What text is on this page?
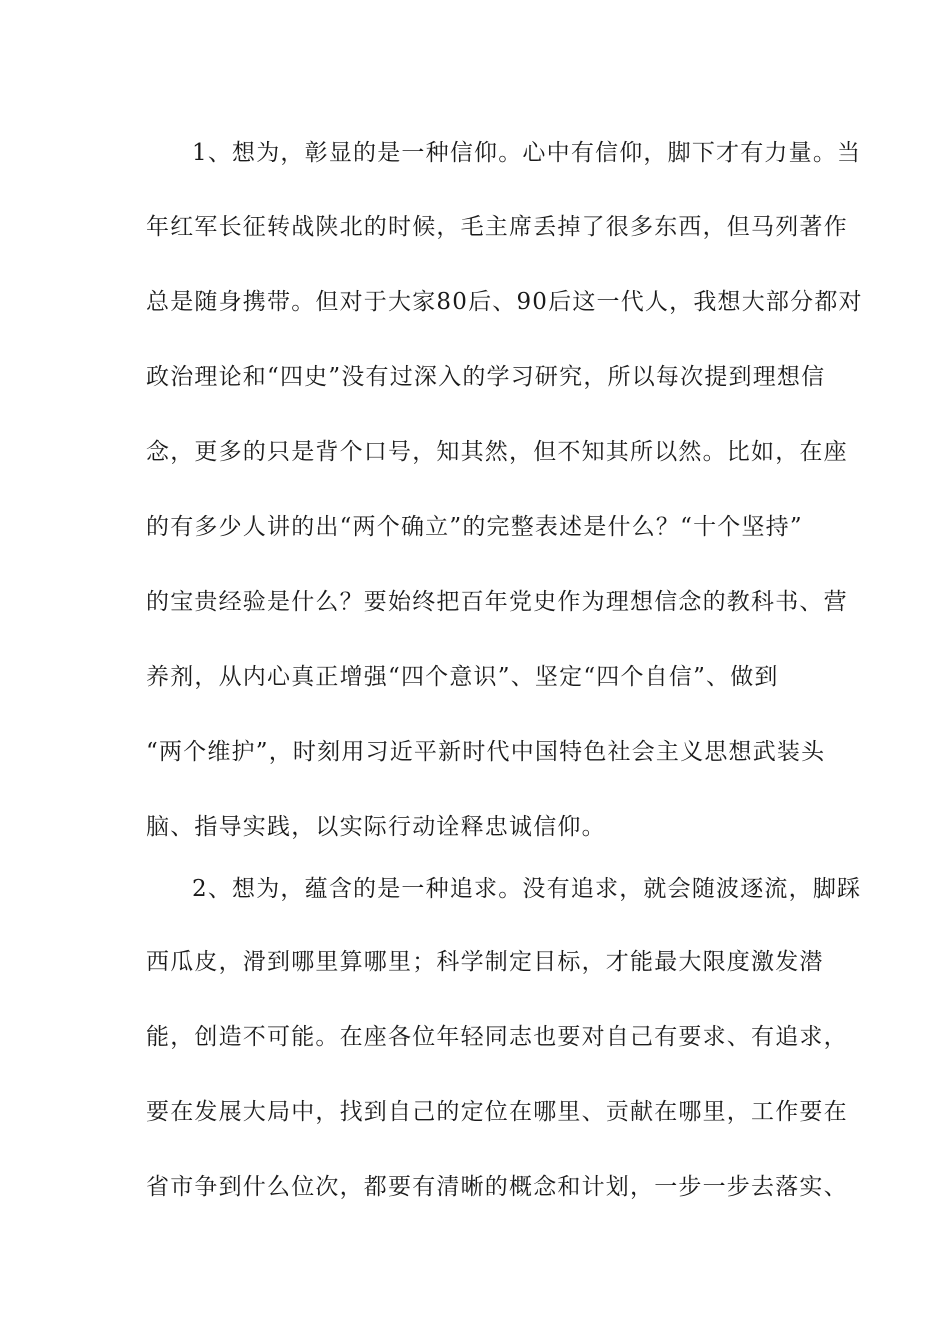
1、想为，彰显的是一种信仰。心中有信仰，脚下才有力量。当
年红军长征转战陕北的时候，毛主席丢掉了很多东西，但马列著作
总是随身携带。但对于大家80后、90后这一代人，我想大部分都对
政治理论和“四史”没有过深入的学习研究，所以每次提到理想信
念，更多的只是背个口号，知其然，但不知其所以然。比如，在座
的有多少人讲的出“两个确立”的完整表述是什么？“十个坚持”
的宝贵经验是什么？要始终把百年党史作为理想信念的教科书、营
养剂，从内心真正增强“四个意识”、坚定“四个自信”、做到
“两个维护”，时刻用习近平新时代中国特色社会主义思想武装头
脑、指导实践，以实际行动诠释忠诚信仰。
2、想为，蕴含的是一种追求。没有追求，就会随波逐流，脚踩
西瓜皮，滑到哪里算哪里；科学制定目标，才能最大限度激发潜
能，创造不可能。在座各位年轻同志也要对自己有要求、有追求，
要在发展大局中，找到自己的定位在哪里、贡献在哪里，工作要在
省市争到什么位次，都要有清晰的概念和计划，一步一步去落实、
